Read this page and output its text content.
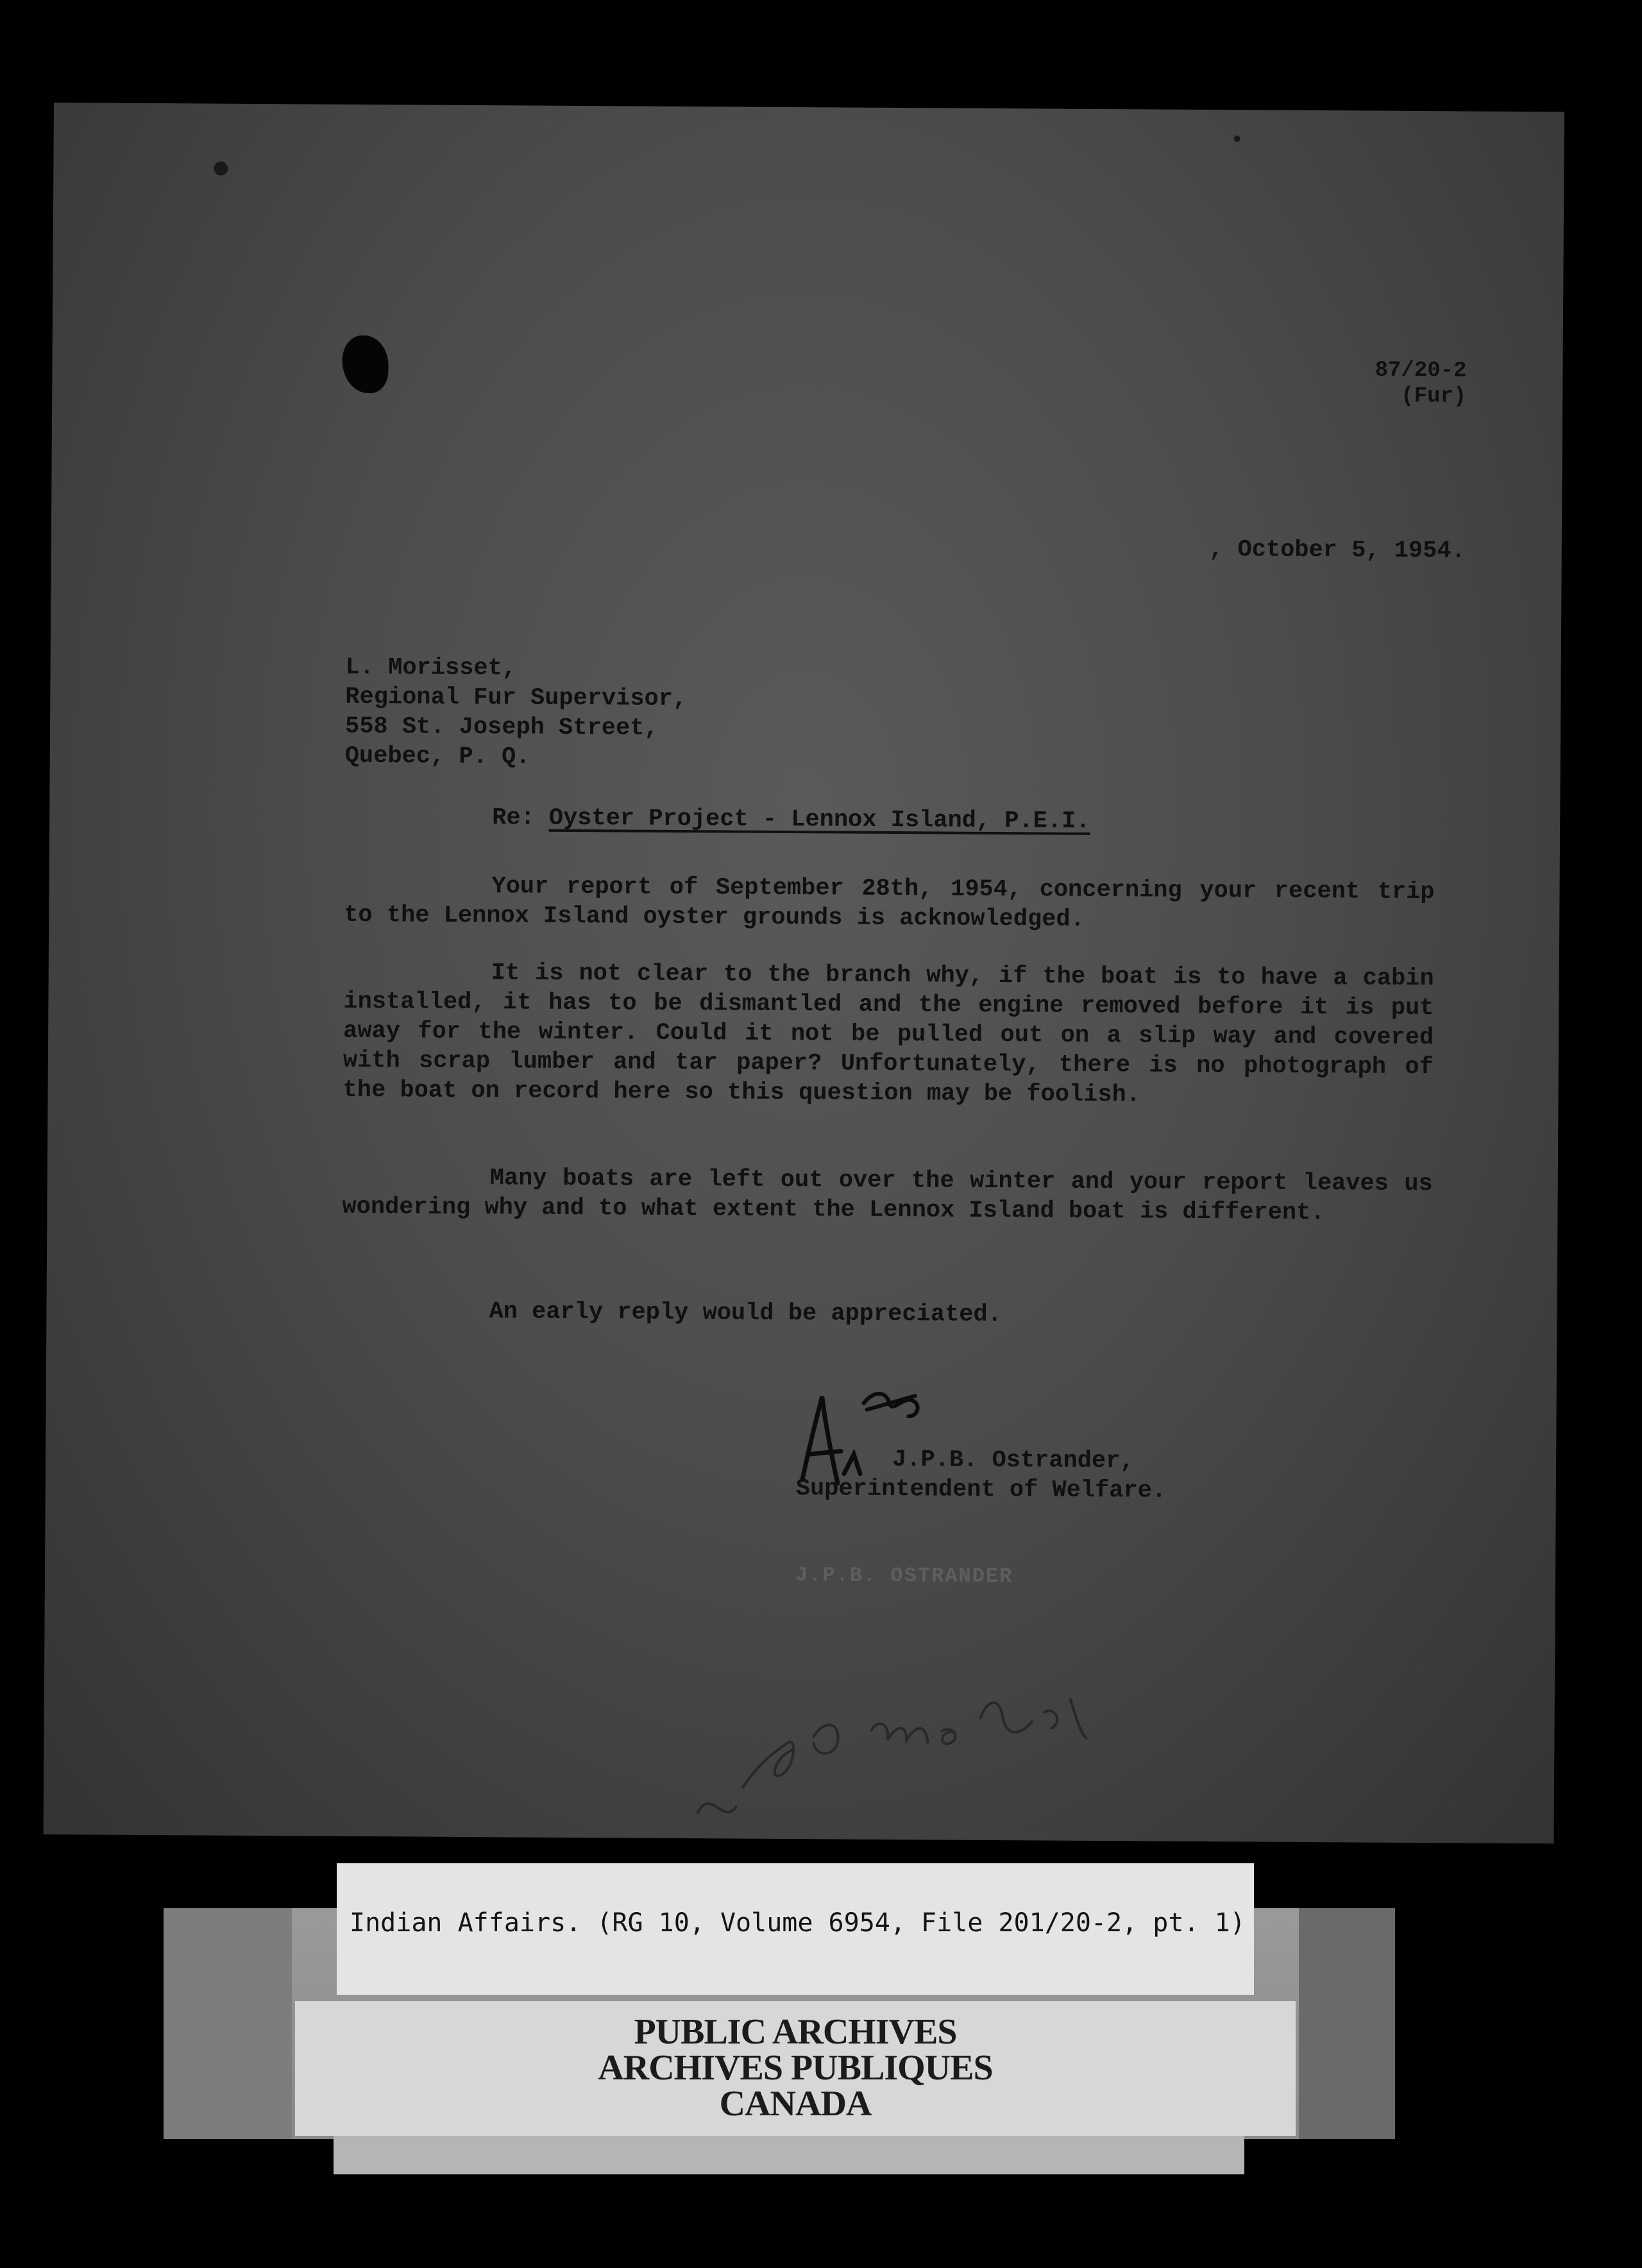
87/20-2
(Fur)
, October 5, 1954.
L. Morisset,
Regional Fur Supervisor,
558 St. Joseph Street,
Quebec, P. Q.
Re: Oyster Project - Lennox Island, P.E.I.
Your report of September 28th, 1954, concerning your recent trip to the Lennox Island oyster grounds is acknowledged.
It is not clear to the branch why, if the boat is to have a cabin installed, it has to be dismantled and the engine removed before it is put away for the winter. Could it not be pulled out on a slip way and covered with scrap lumber and tar paper? Unfortunately, there is no photograph of the boat on record here so this question may be foolish.
Many boats are left out over the winter and your report leaves us wondering why and to what extent the Lennox Island boat is different.
An early reply would be appreciated.
J.P.B. Ostrander,
Superintendent of Welfare.
J.P.B. OSTRANDER
PUBLIC ARCHIVES
ARCHIVES PUBLIQUES
CANADA
Indian Affairs. (RG 10, Volume 6954, File 201/20-2, pt. 1)
